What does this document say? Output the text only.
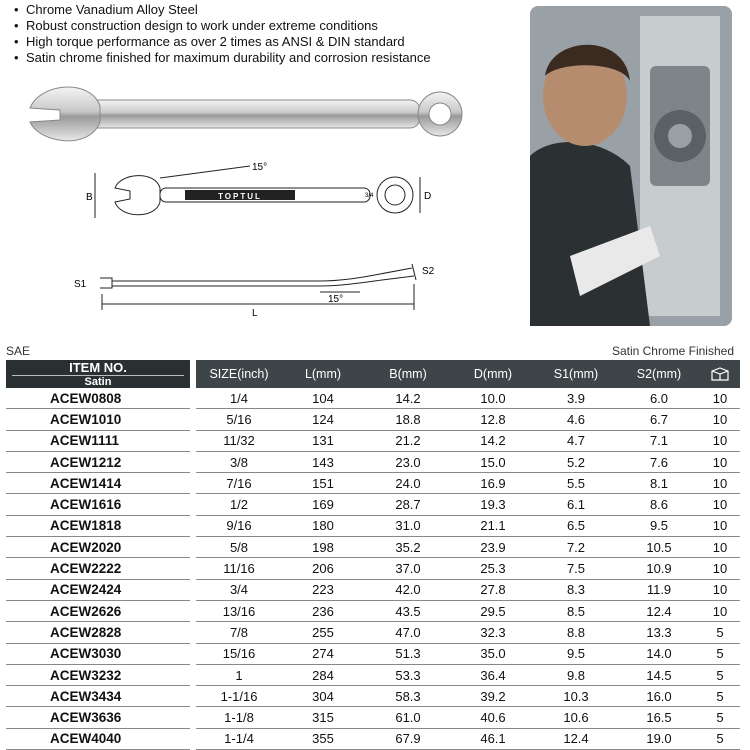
• Chrome Vanadium Alloy Steel
• Robust construction design to work under extreme conditions
• High torque performance as over 2 times as ANSI & DIN standard
• Satin chrome finished for maximum durability and corrosion resistance
TOPTUL
15°
B	D
3/4
S1
S2
15°
L
SAE	Satin Chrome Finished
ITEM NO.
Satin		SIZE(inch)	L(mm)	B(mm)	D(mm)	S1(mm)	S2(mm)	
ACEW0808		1/4	104	14.2	10.0	3.9	6.0	10
ACEW1010		5/16	124	18.8	12.8	4.6	6.7	10
ACEW1111		11/32	131	21.2	14.2	4.7	7.1	10
ACEW1212		3/8	143	23.0	15.0	5.2	7.6	10
ACEW1414		7/16	151	24.0	16.9	5.5	8.1	10
ACEW1616		1/2	169	28.7	19.3	6.1	8.6	10
ACEW1818		9/16	180	31.0	21.1	6.5	9.5	10
ACEW2020		5/8	198	35.2	23.9	7.2	10.5	10
ACEW2222		11/16	206	37.0	25.3	7.5	10.9	10
ACEW2424		3/4	223	42.0	27.8	8.3	11.9	10
ACEW2626		13/16	236	43.5	29.5	8.5	12.4	10
ACEW2828		7/8	255	47.0	32.3	8.8	13.3	5
ACEW3030		15/16	274	51.3	35.0	9.5	14.0	5
ACEW3232		1	284	53.3	36.4	9.8	14.5	5
ACEW3434		1-1/16	304	58.3	39.2	10.3	16.0	5
ACEW3636		1-1/8	315	61.0	40.6	10.6	16.5	5
ACEW4040		1-1/4	355	67.9	46.1	12.4	19.0	5
